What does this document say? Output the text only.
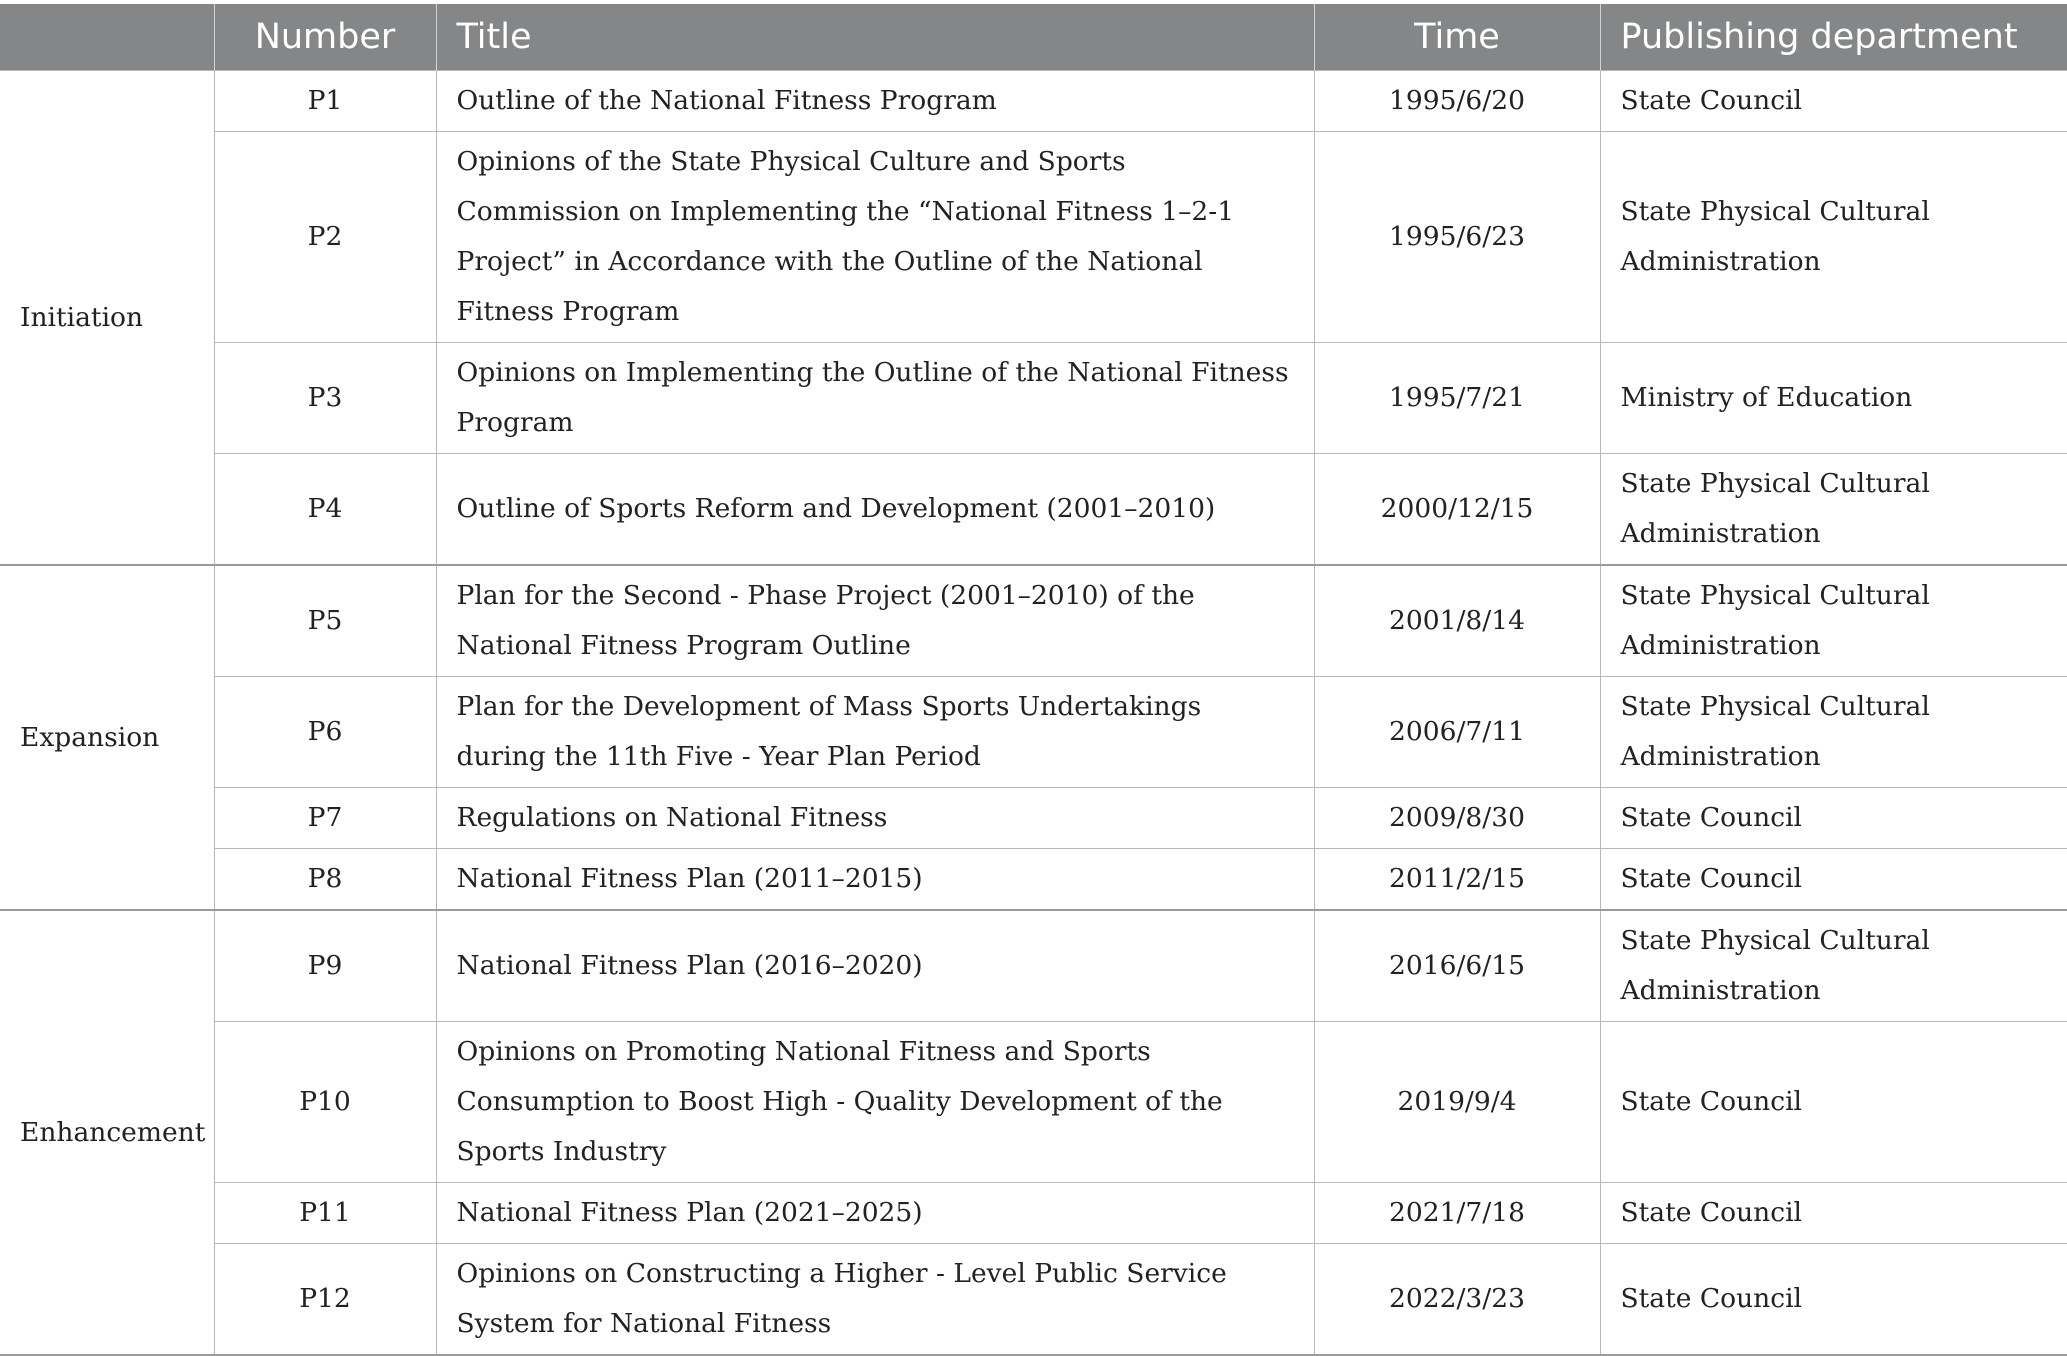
	Number	Title	Time	Publishing department
Initiation	P1	Outline of the National Fitness Program	1995/6/20	State Council
	P2	Opinions of the State Physical Culture and Sports Commission on Implementing the “National Fitness 1–2-1 Project” in Accordance with the Outline of the National Fitness Program	1995/6/23	State Physical Cultural Administration
	P3	Opinions on Implementing the Outline of the National Fitness Program	1995/7/21	Ministry of Education
	P4	Outline of Sports Reform and Development (2001–2010)	2000/12/15	State Physical Cultural Administration
Expansion	P5	Plan for the Second - Phase Project (2001–2010) of the National Fitness Program Outline	2001/8/14	State Physical Cultural Administration
	P6	Plan for the Development of Mass Sports Undertakings during the 11th Five - Year Plan Period	2006/7/11	State Physical Cultural Administration
	P7	Regulations on National Fitness	2009/8/30	State Council
	P8	National Fitness Plan (2011–2015)	2011/2/15	State Council
Enhancement	P9	National Fitness Plan (2016–2020)	2016/6/15	State Physical Cultural Administration
	P10	Opinions on Promoting National Fitness and Sports Consumption to Boost High - Quality Development of the Sports Industry	2019/9/4	State Council
	P11	National Fitness Plan (2021–2025)	2021/7/18	State Council
	P12	Opinions on Constructing a Higher - Level Public Service System for National Fitness	2022/3/23	State Council
